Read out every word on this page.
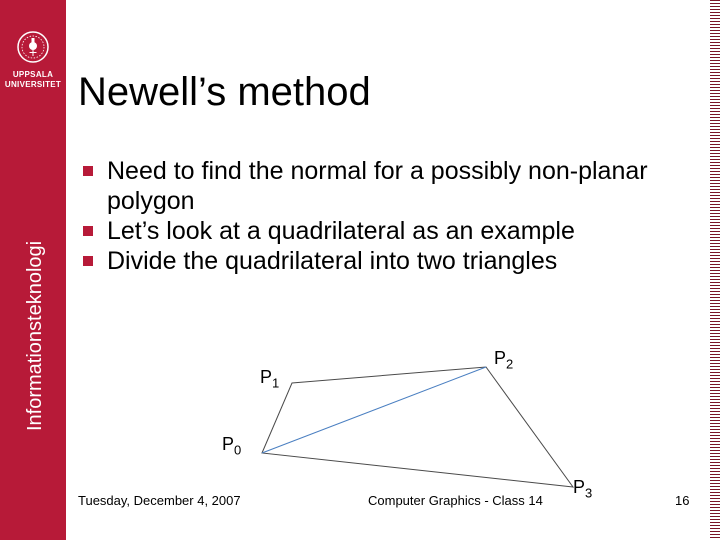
UPPSALA
UNIVERSITET
Informationsteknologi
Newell’s method
Need to find the normal for a possibly non-planar polygon
Let’s look at a quadrilateral as an example
Divide the quadrilateral into two triangles
$P_0$
$P_1$
$P_2$
$P_3$
Tuesday, December 4, 2007	Computer Graphics - Class 14	16
